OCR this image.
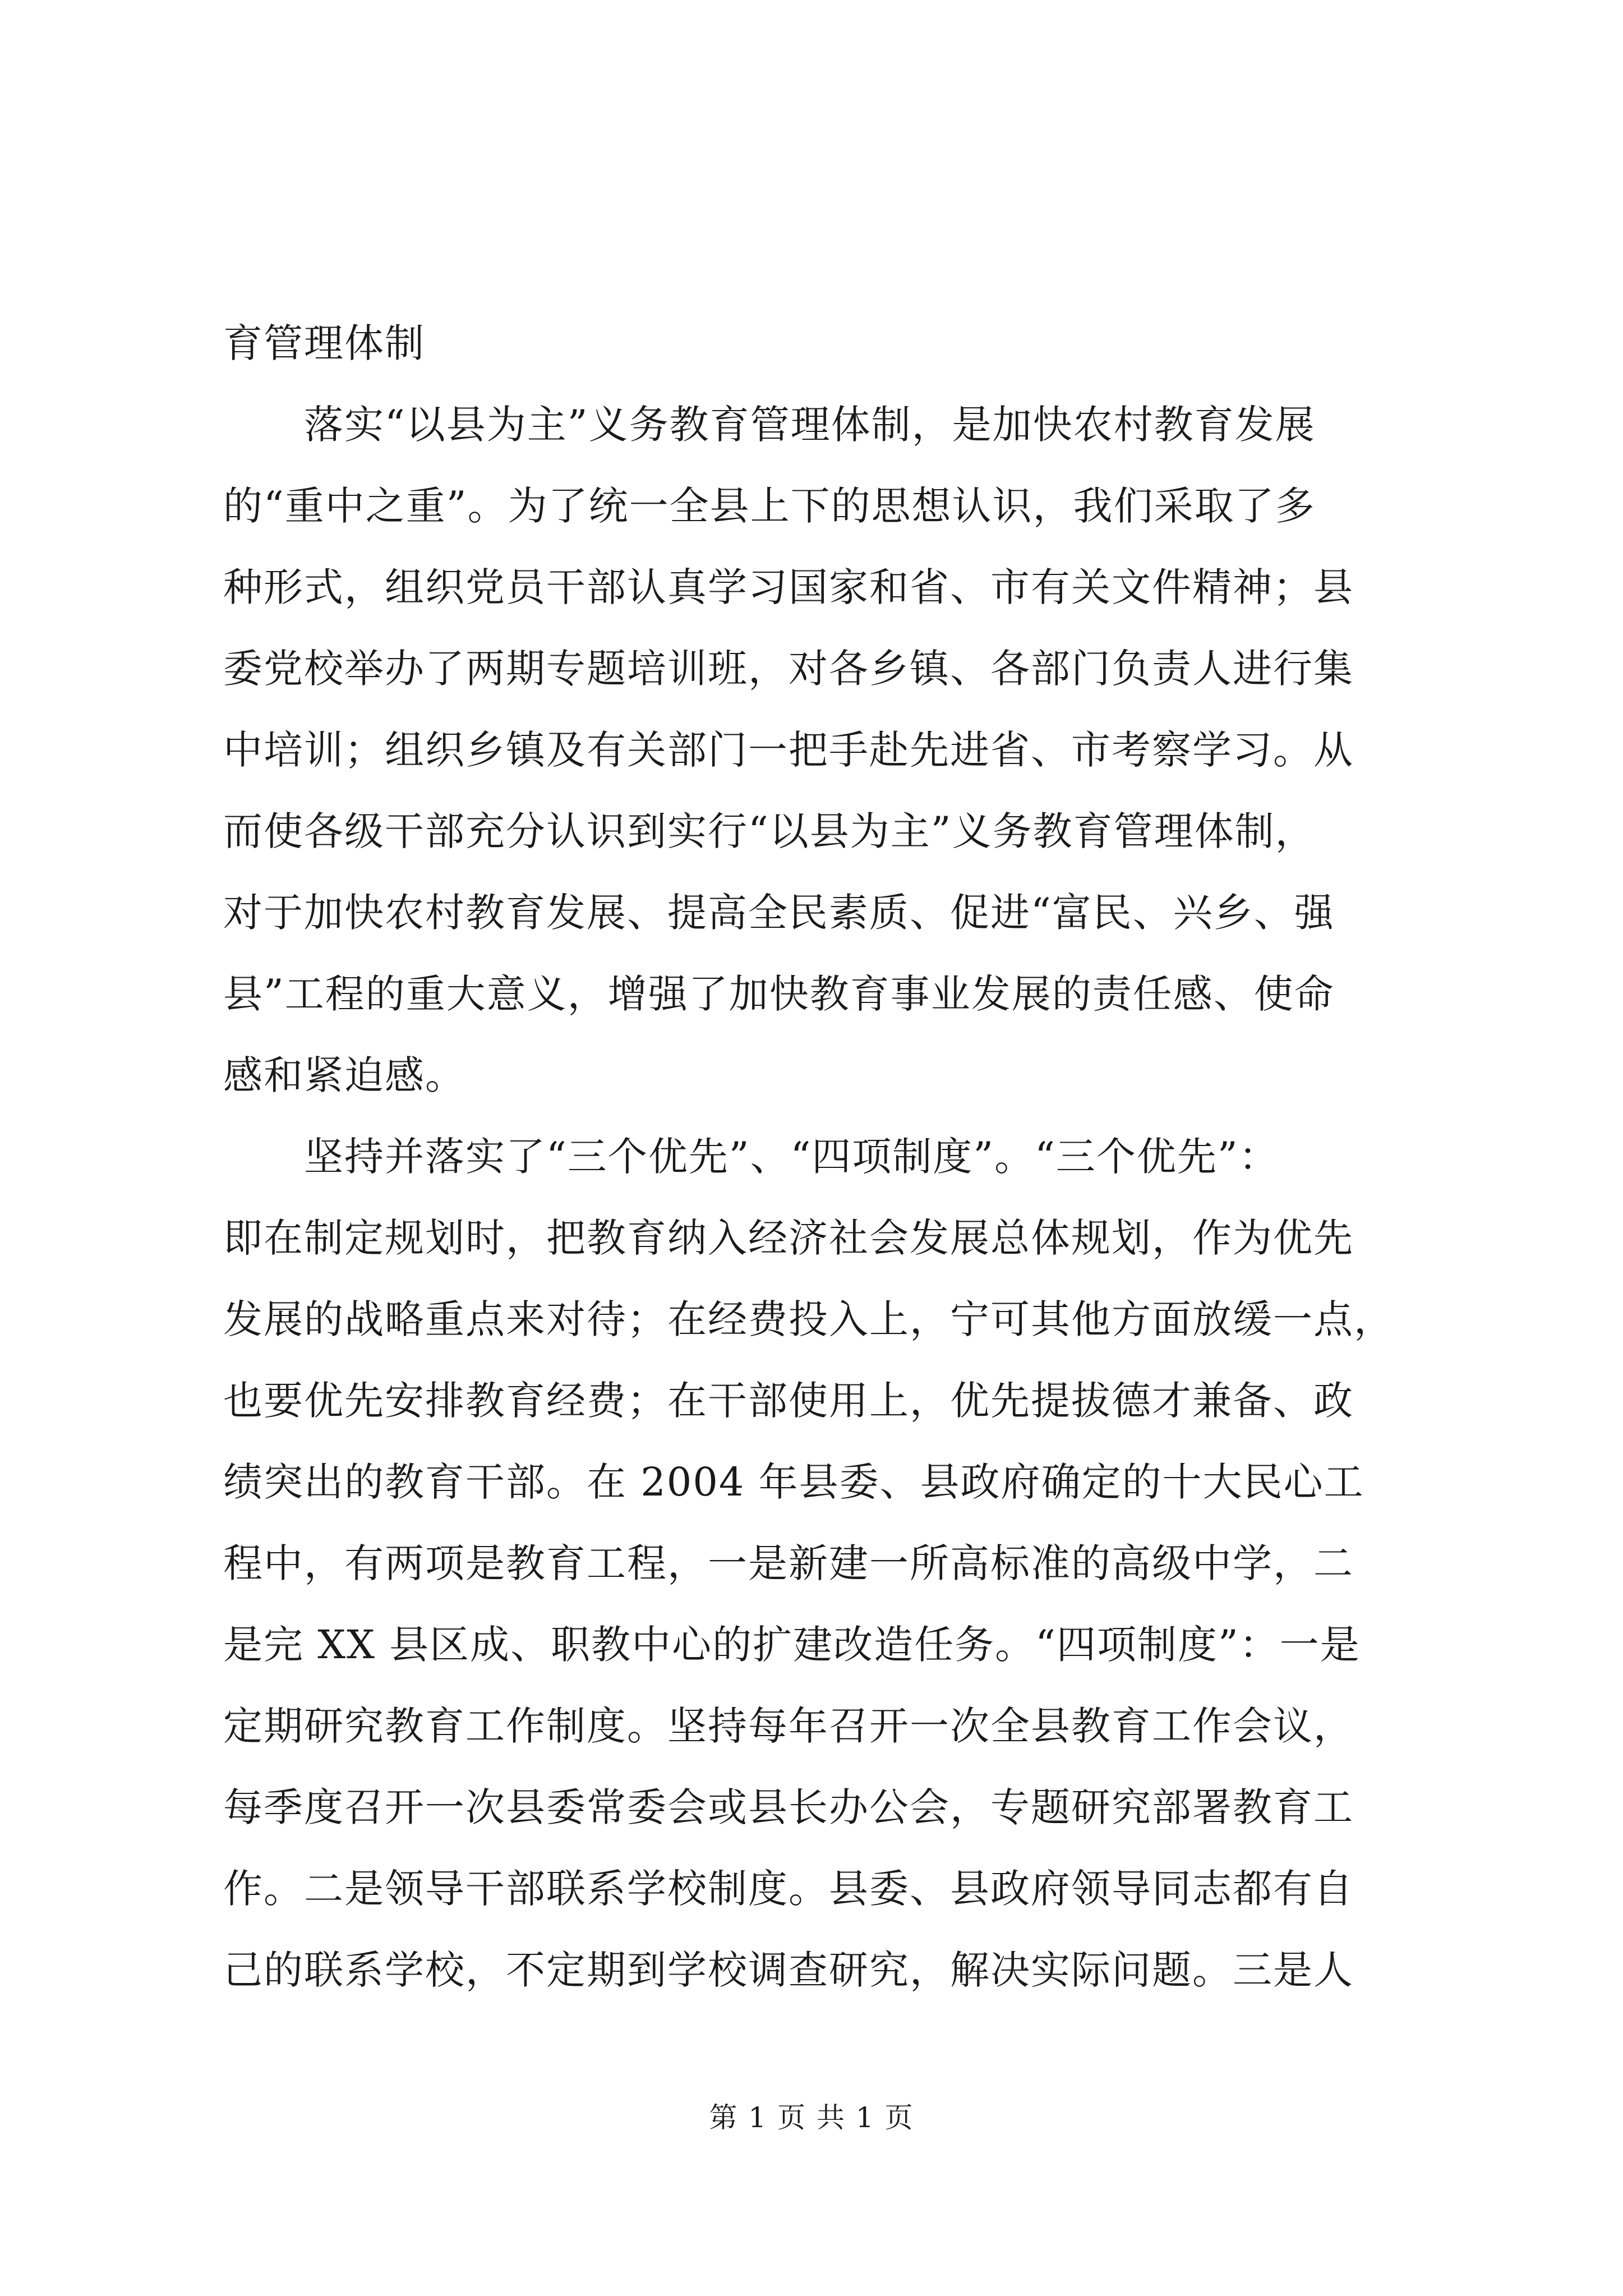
育管理体制
　　落实“以县为主”义务教育管理体制，是加快农村教育发展
的“重中之重”。为了统一全县上下的思想认识，我们采取了多
种形式，组织党员干部认真学习国家和省、市有关文件精神；县
委党校举办了两期专题培训班，对各乡镇、各部门负责人进行集
中培训；组织乡镇及有关部门一把手赴先进省、市考察学习。从
而使各级干部充分认识到实行“以县为主”义务教育管理体制，
对于加快农村教育发展、提高全民素质、促进“富民、兴乡、强
县”工程的重大意义，增强了加快教育事业发展的责任感、使命
感和紧迫感。
　　坚持并落实了“三个优先”、“四项制度”。“三个优先”：
即在制定规划时，把教育纳入经济社会发展总体规划，作为优先
发展的战略重点来对待；在经费投入上，宁可其他方面放缓一点，
也要优先安排教育经费；在干部使用上，优先提拔德才兼备、政
绩突出的教育干部。在 2004 年县委、县政府确定的十大民心工
程中，有两项是教育工程，一是新建一所高标准的高级中学，二
是完 XX 县区成、职教中心的扩建改造任务。“四项制度”：一是
定期研究教育工作制度。坚持每年召开一次全县教育工作会议，
每季度召开一次县委常委会或县长办公会，专题研究部署教育工
作。二是领导干部联系学校制度。县委、县政府领导同志都有自
己的联系学校，不定期到学校调查研究，解决实际问题。三是人
第 1 页 共 1 页
